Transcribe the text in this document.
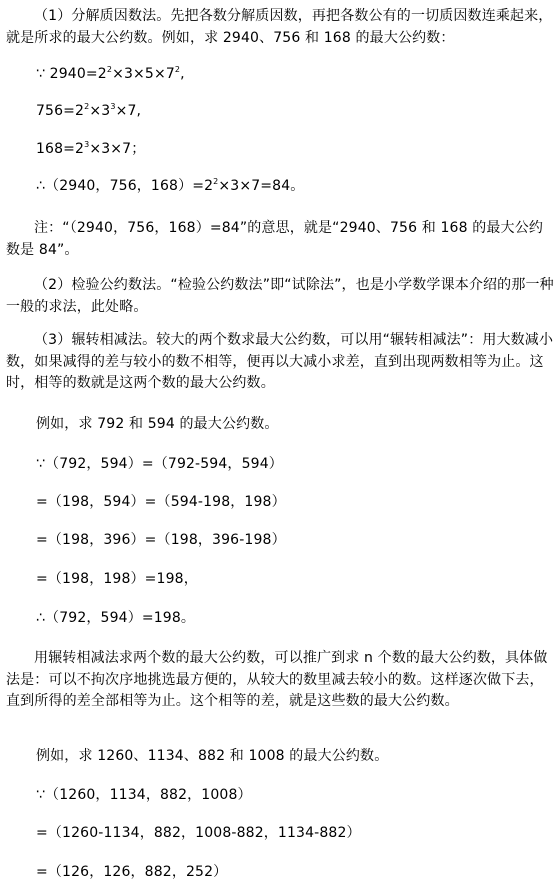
（1）分解质因数法。先把各数分解质因数，再把各数公有的一切质因数连乘起来，就是所求的最大公约数。例如，求 2940、756 和 168 的最大公约数：
∵ $2940=2^2\times 3\times 5\times 7^2$,
$756=2^2\times 3^3\times 7$,
$168=2^3\times 3\times 7$；
∴（2940，756，$168)=2^2\times 3\times 7=84$。
注：“（2940，756，168）=84”的意思，就是“2940、756 和 168 的最大公约数是 84”。
（2）检验公约数法。“检验公约数法”即“试除法”，也是小学数学课本介绍的那一种一般的求法，此处略。
（3）辗转相减法。较大的两个数求最大公约数，可以用“辗转相减法”：用大数减小数，如果减得的差与较小的数不相等，便再以大减小求差，直到出现两数相等为止。这时，相等的数就是这两个数的最大公约数。
例如，求 792 和 594 的最大公约数。
∵（792，594）=（792-594，594）
=（198，594）=（594-198，198）
=（198，396）=（198，396-198）
=（198，198）=198，
∴（792，594）=198。
用辗转相减法求两个数的最大公约数，可以推广到求 n 个数的最大公约数，具体做法是：可以不拘次序地挑选最方便的，从较大的数里减去较小的数。这样逐次做下去，直到所得的差全部相等为止。这个相等的差，就是这些数的最大公约数。
例如，求 1260、1134、882 和 1008 的最大公约数。
∵（1260，1134，882，1008）
=（1260-1134，882，1008-882，1134-882）
=（126，126，882，252）
